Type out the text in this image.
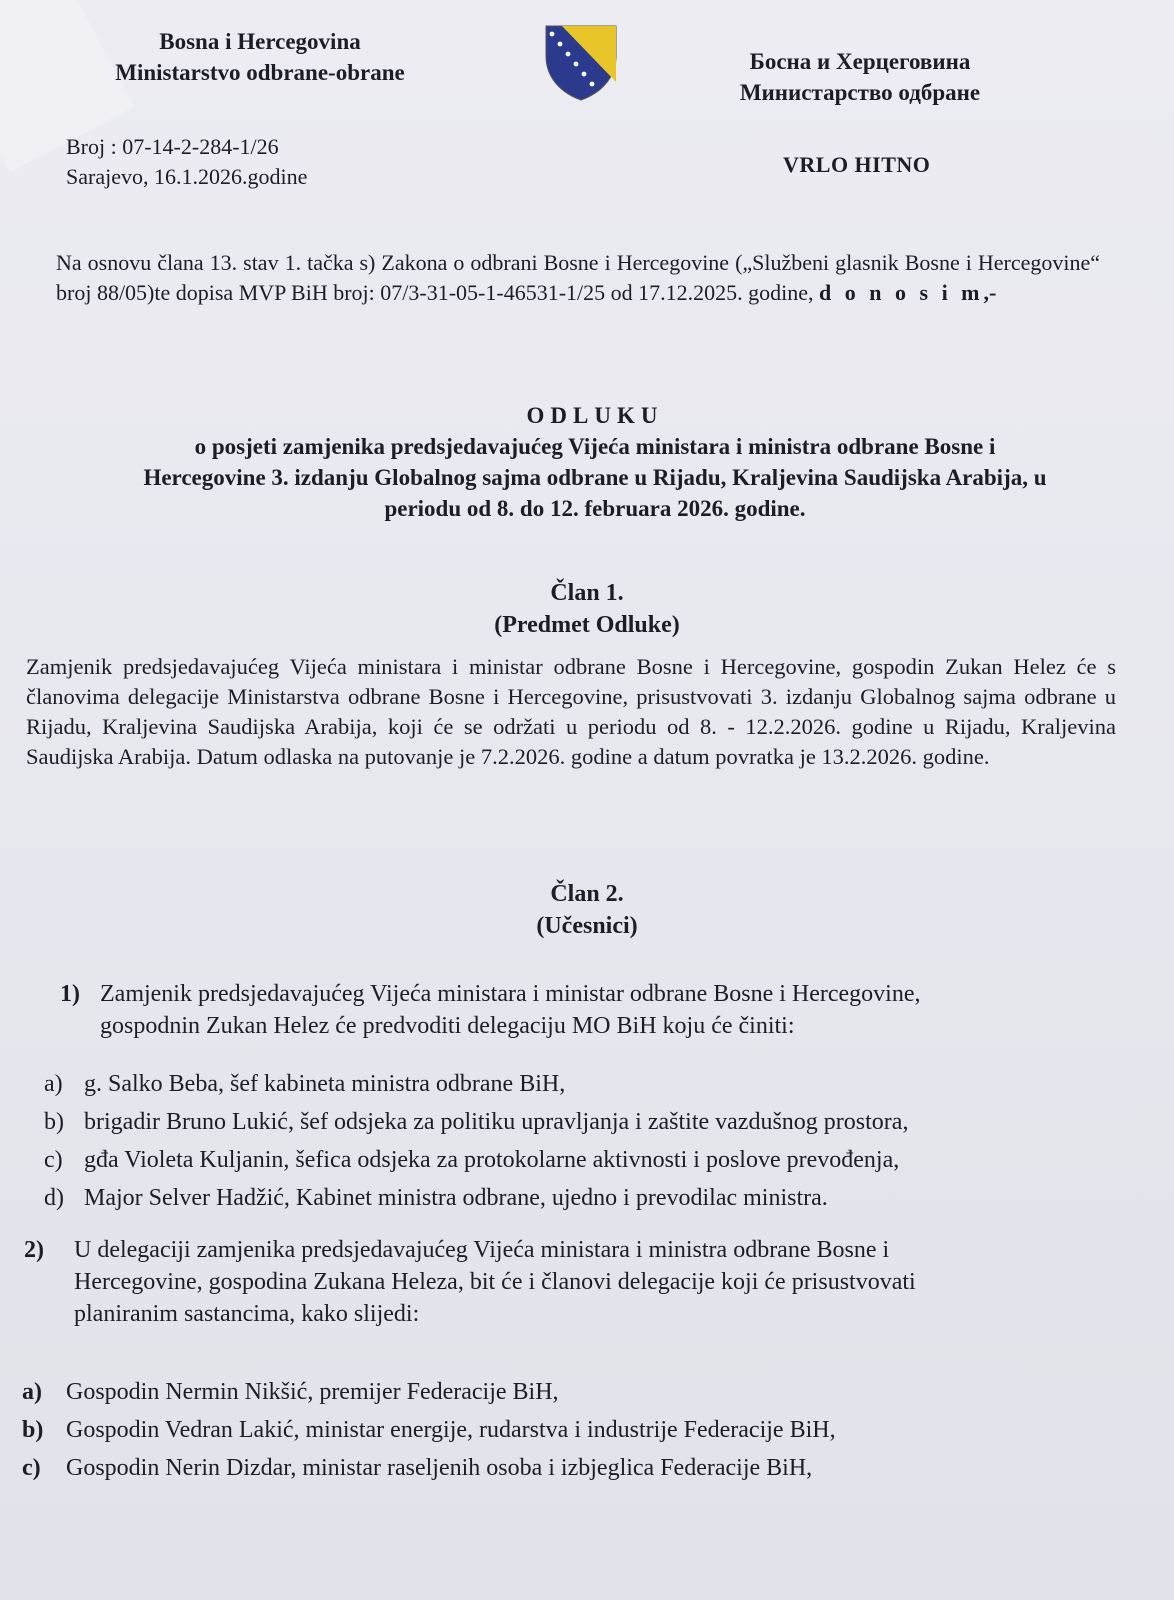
Bosna i Hercegovina
Ministarstvo odbrane-obrane	Босна и Херцеговина
Министарство одбране
Broj : 07-14-2-284-1/26
Sarajevo, 16.1.2026.godine	VRLO HITNO
Na osnovu člana 13. stav 1. tačka s) Zakona o odbrani Bosne i Hercegovine („Službeni glasnik Bosne i Hercegovine“ broj 88/05)te dopisa MVP BiH broj: 07/3-31-05-1-46531-1/25 od 17.12.2025. godine, d o n o s i m,-
ODLUKU
o posjeti zamjenika predsjedavajućeg Vijeća ministara i ministra odbrane Bosne i
Hercegovine 3. izdanju Globalnog sajma odbrane u Rijadu, Kraljevina Saudijska Arabija, u
periodu od 8. do 12. februara 2026. godine.
Član 1.
(Predmet Odluke)
Zamjenik predsjedavajućeg Vijeća ministara i ministar odbrane Bosne i Hercegovine, gospodin Zukan Helez će s članovima delegacije Ministarstva odbrane Bosne i Hercegovine, prisustvovati 3. izdanju Globalnog sajma odbrane u Rijadu, Kraljevina Saudijska Arabija, koji će se održati u periodu od 8. - 12.2.2026. godine u Rijadu, Kraljevina Saudijska Arabija. Datum odlaska na putovanje je 7.2.2026. godine a datum povratka je 13.2.2026. godine.
Član 2.
(Učesnici)
1) Zamjenik predsjedavajućeg Vijeća ministara i ministar odbrane Bosne i Hercegovine,
gospodnin Zukan Helez će predvoditi delegaciju MO BiH koju će činiti:
a) g. Salko Beba, šef kabineta ministra odbrane BiH,
b) brigadir Bruno Lukić, šef odsjeka za politiku upravljanja i zaštite vazdušnog prostora,
c) gđa Violeta Kuljanin, šefica odsjeka za protokolarne aktivnosti i poslove prevođenja,
d) Major Selver Hadžić, Kabinet ministra odbrane, ujedno i prevodilac ministra.
2) U delegaciji zamjenika predsjedavajućeg Vijeća ministara i ministra odbrane Bosne i
Hercegovine, gospodina Zukana Heleza, bit će i članovi delegacije koji će prisustvovati
planiranim sastancima, kako slijedi:
a) Gospodin Nermin Nikšić, premijer Federacije BiH,
b) Gospodin Vedran Lakić, ministar energije, rudarstva i industrije Federacije BiH,
c) Gospodin Nerin Dizdar, ministar raseljenih osoba i izbjeglica Federacije BiH,
